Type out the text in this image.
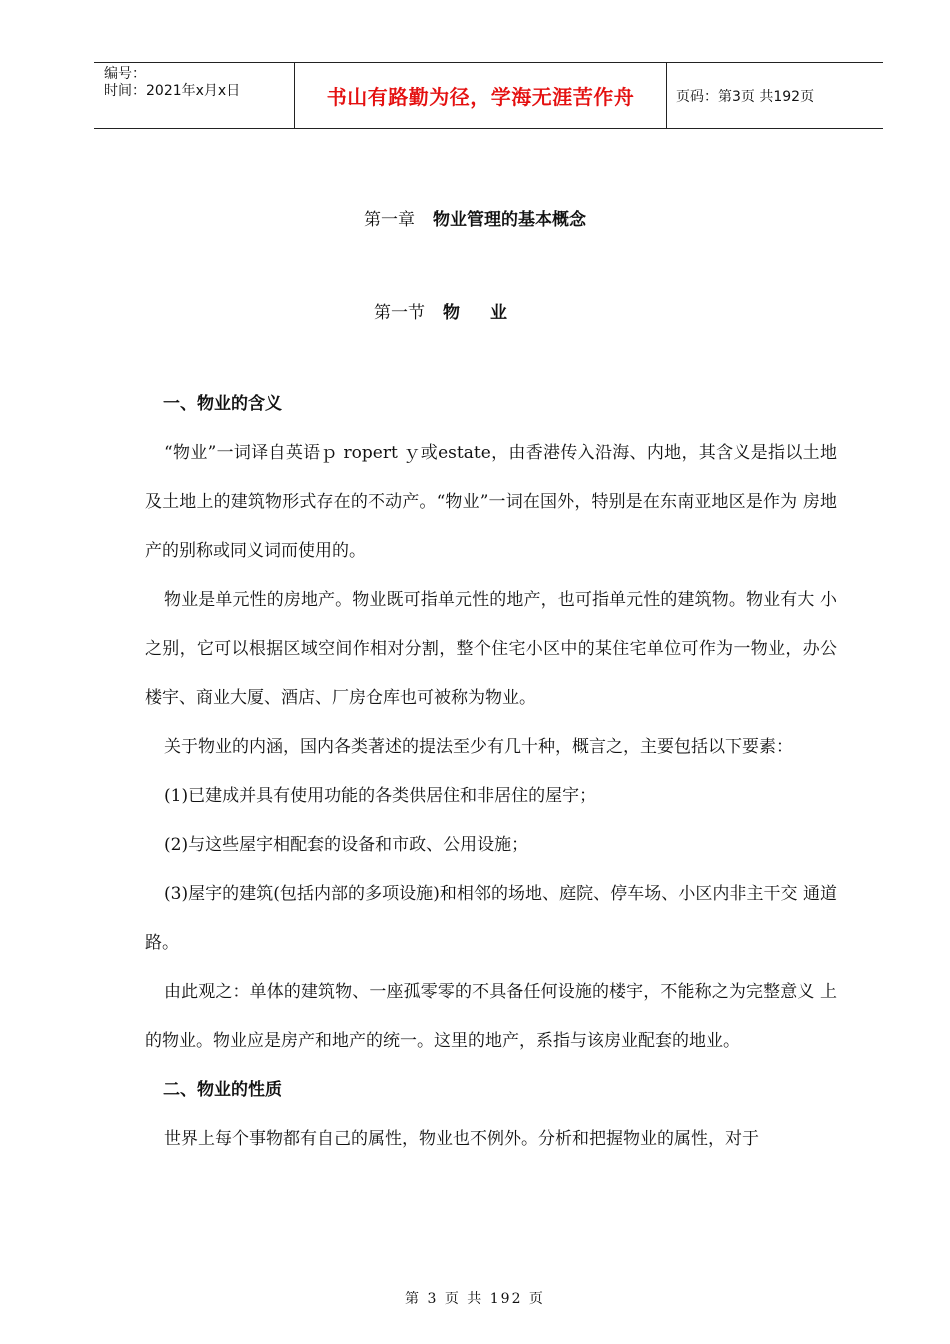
编号：
时间：2021年x月x日	书山有路勤为径，学海无涯苦作舟	页码：第3页 共192页
第一章 物业管理的基本概念
第一节 物业

一、物业的含义

“物业”一词译自英语ｐ ropert ｙ或estate，由香港传入沿海、内地，其含义是指以土地及土地上的建筑物形式存在的不动产。“物业”一词在国外，特别是在东南亚地区是作为 房地产的别称或同义词而使用的。

物业是单元性的房地产。物业既可指单元性的地产，也可指单元性的建筑物。物业有大 小之别，它可以根据区域空间作相对分割，整个住宅小区中的某住宅单位可作为一物业，办公楼宇、商业大厦、酒店、厂房仓库也可被称为物业。

关于物业的内涵，国内各类著述的提法至少有几十种，概言之，主要包括以下要素：

(1)已建成并具有使用功能的各类供居住和非居住的屋宇；

(2)与这些屋宇相配套的设备和市政、公用设施；

(3)屋宇的建筑(包括内部的多项设施)和相邻的场地、庭院、停车场、小区内非主干交 通道路。

由此观之：单体的建筑物、一座孤零零的不具备任何设施的楼宇，不能称之为完整意义 上的物业。物业应是房产和地产的统一。这里的地产，系指与该房业配套的地业。

二、物业的性质

世界上每个事物都有自己的属性，物业也不例外。分析和把握物业的属性，对于

第 3 页 共 192 页
